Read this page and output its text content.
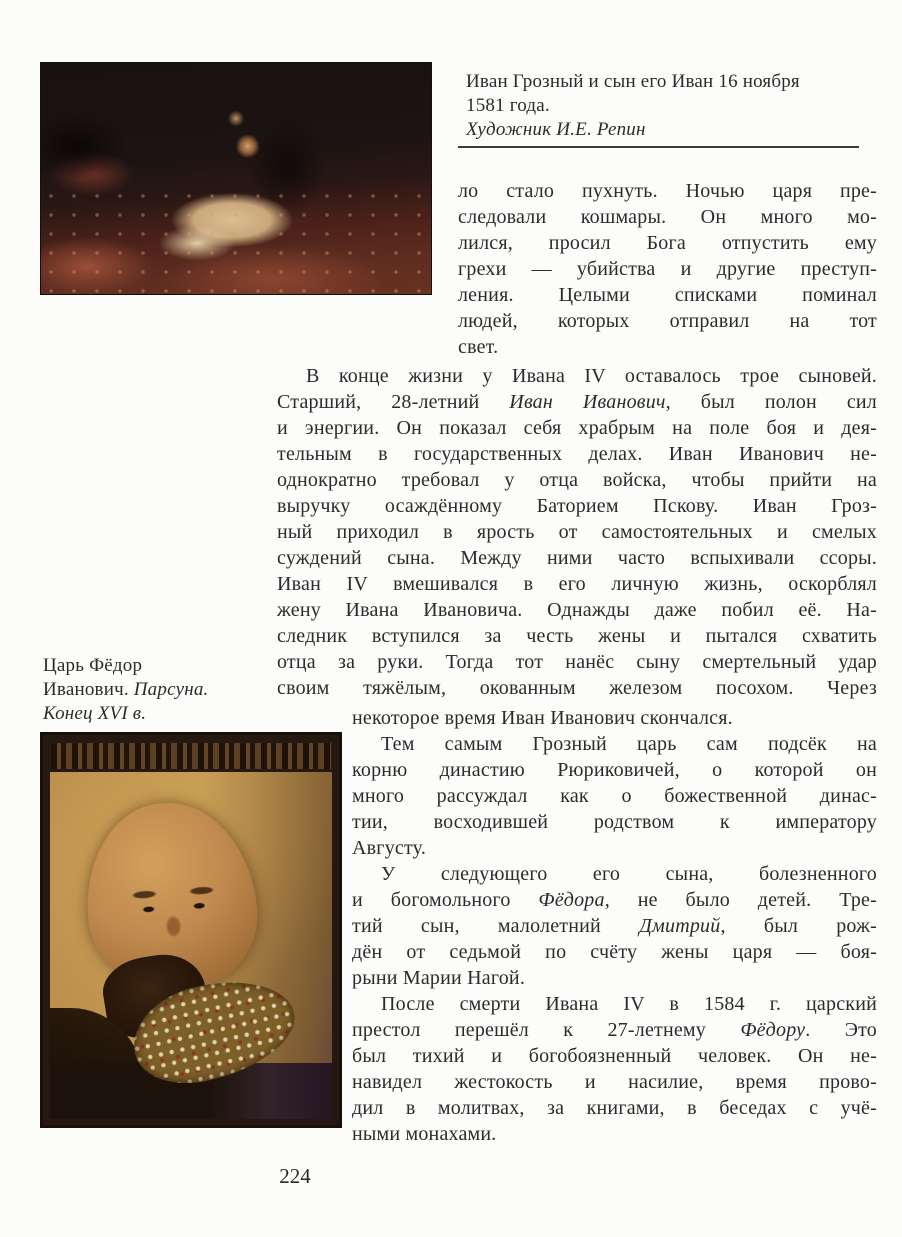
Иван Грозный и сын его Иван 16 ноября
1581 года.
Художник И.Е. Репин
ло стало пухнуть. Ночью царя пре-
следовали кошмары. Он много мо-
лился, просил Бога отпустить ему
грехи — убийства и другие преступ-
ления. Целыми списками поминал
людей, которых отправил на тот
свет.
В конце жизни у Ивана IV оставалось трое сыновей.
Старший, 28-летний Иван Иванович, был полон сил
и энергии. Он показал себя храбрым на поле боя и дея-
тельным в государственных делах. Иван Иванович не-
однократно требовал у отца войска, чтобы прийти на
выручку осаждённому Баторием Пскову. Иван Гроз-
ный приходил в ярость от самостоятельных и смелых
суждений сына. Между ними часто вспыхивали ссоры.
Иван IV вмешивался в его личную жизнь, оскорблял
жену Ивана Ивановича. Однажды даже побил её. На-
следник вступился за честь жены и пытался схватить
отца за руки. Тогда тот нанёс сыну смертельный удар
своим тяжёлым, окованным железом посохом. Через
Царь Фёдор
Иванович. Парсуна.
Конец XVI в.	некоторое время Иван Иванович скончался.
Тем самым Грозный царь сам подсёк на
корню династию Рюриковичей, о которой он
много рассуждал как о божественной динас-
тии, восходившей родством к императору
Августу.
У следующего его сына, болезненного
и богомольного Фёдора, не было детей. Тре-
тий сын, малолетний Дмитрий, был рож-
дён от седьмой по счёту жены царя — боя-
рыни Марии Нагой.
После смерти Ивана IV в 1584 г. царский
престол перешёл к 27-летнему Фёдору. Это
был тихий и богобоязненный человек. Он не-
навидел жестокость и насилие, время прово-
дил в молитвах, за книгами, в беседах с учё-
ными монахами.
224
